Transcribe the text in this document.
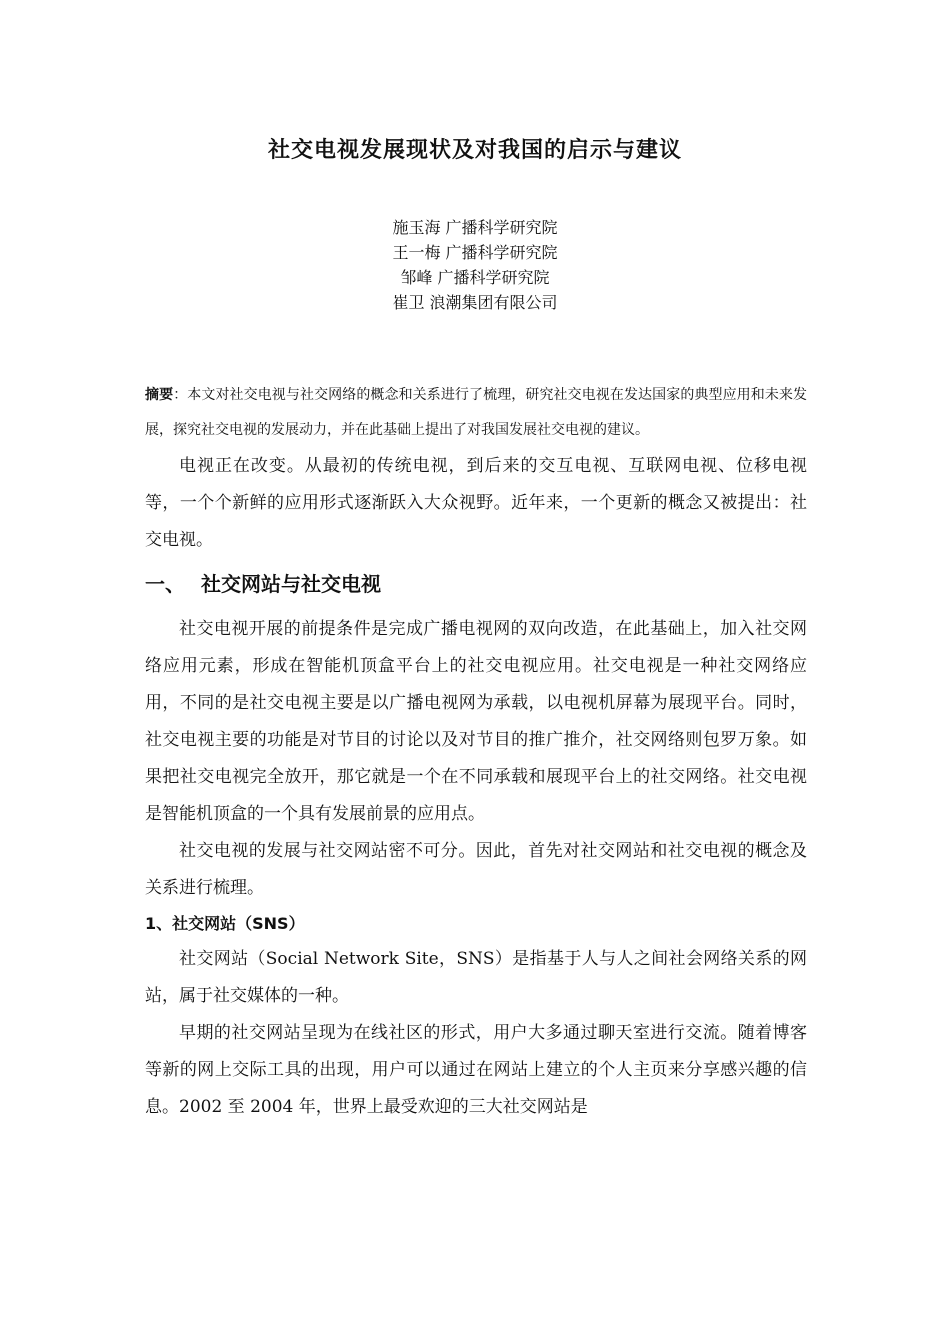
社交电视发展现状及对我国的启示与建议
施玉海 广播科学研究院
王一梅 广播科学研究院
邹峰 广播科学研究院
崔卫 浪潮集团有限公司

摘要：本文对社交电视与社交网络的概念和关系进行了梳理，研究社交电视在发达国家的典型应用和未来发展，探究社交电视的发展动力，并在此基础上提出了对我国发展社交电视的建议。

电视正在改变。从最初的传统电视，到后来的交互电视、互联网电视、位移电视等，一个个新鲜的应用形式逐渐跃入大众视野。近年来，一个更新的概念又被提出：社交电视。

一、 社交网站与社交电视

社交电视开展的前提条件是完成广播电视网的双向改造，在此基础上，加入社交网络应用元素，形成在智能机顶盒平台上的社交电视应用。社交电视是一种社交网络应用，不同的是社交电视主要是以广播电视网为承载，以电视机屏幕为展现平台。同时，社交电视主要的功能是对节目的讨论以及对节目的推广推介，社交网络则包罗万象。如果把社交电视完全放开，那它就是一个在不同承载和展现平台上的社交网络。社交电视是智能机顶盒的一个具有发展前景的应用点。

社交电视的发展与社交网站密不可分。因此，首先对社交网站和社交电视的概念及关系进行梳理。

1、社交网站（SNS）

社交网站（Social Network Site，SNS）是指基于人与人之间社会网络关系的网站，属于社交媒体的一种。

早期的社交网站呈现为在线社区的形式，用户大多通过聊天室进行交流。随着博客等新的网上交际工具的出现，用户可以通过在网站上建立的个人主页来分享感兴趣的信息。2002 至 2004 年，世界上最受欢迎的三大社交网站是
